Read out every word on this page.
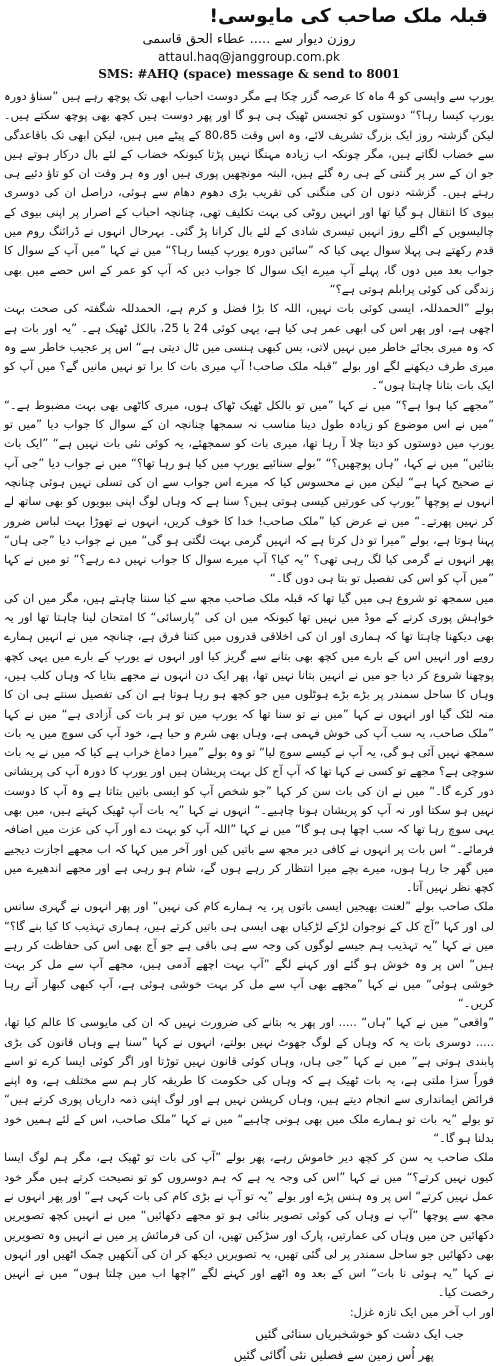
قبلہ ملک صاحب کی مایوسی!

روزن دیوار سے ..... عطاء الحق قاسمی

attaul.haq@janggroup.com.pk

SMS: #AHQ (space) message & send to 8001

یورپ سے واپسی کو 4 ماہ کا عرصہ گزر چکا ہے مگر دوست احباب ابھی تک پوچھ رہے ہیں ”سناؤ دورہ یورپ کیسا رہا؟“ دوستوں کو تجسس ٹھیک ہی ہو گا اور پھر دوست ہیں کچھ بھی پوچھ سکتے ہیں۔ لیکن گزشتہ روز ایک بزرگ تشریف لائے، وہ اس وقت 80،85 کے پیٹے میں ہیں، لیکن ابھی تک باقاعدگی سے خضاب لگاتے ہیں، مگر چونکہ اب زیادہ مہنگا نہیں پڑتا کیونکہ خضاب کے لئے بال درکار ہوتے ہیں جو ان کے سر پر گنتی کے ہی رہ گئے ہیں، البتہ مونچھیں پوری ہیں اور وہ ہر وقت ان کو تاؤ دئیے ہی رہتے ہیں۔ گزشتہ دنوں ان کی منگنی کی تقریب بڑی دھوم دھام سے ہوئی، دراصل ان کی دوسری بیوی کا انتقال ہو گیا تھا اور انہیں روٹی کی بہت تکلیف تھی، چنانچہ احباب کے اصرار پر اپنی بیوی کے چالیسویں کے اگلے روز انہیں تیسری شادی کے لئے بال کرانا پڑ گئی۔ بہرحال انہوں نے ڈرائنگ روم میں قدم رکھتے ہی پہلا سوال یہی کیا کہ ”سائیں دورہ یورپ کیسا رہا؟“ میں نے کہا ”میں آپ کے سوال کا جواب بعد میں دوں گا، پہلے آپ میرے ایک سوال کا جواب دیں کہ آپ کو عمر کے اس حصے میں بھی زندگی کی کوئی پرابلم ہوتی ہے؟“

بولے ”الحمدللہ، ایسی کوئی بات نہیں، اللہ کا بڑا فضل و کرم ہے، الحمدللہ شگفتہ کی صحت بہت اچھی ہے، اور پھر اس کی ابھی عمر ہی کیا ہے، یہی کوئی 24 یا 25، بالکل ٹھیک ہے۔ ”یہ اور بات ہے کہ وہ میری بجائے خاطر میں نہیں لاتی، بس کبھی ہنسی میں ٹال دیتی ہے“ اس پر عجیب خاطر سے وہ میری طرف دیکھنے لگے اور بولے ”قبلہ ملک صاحب! آپ میری بات کا برا تو نہیں مانیں گے؟ میں آپ کو ایک بات بتانا چاہتا ہوں“۔

”مجھے کیا ہوا ہے؟“ میں نے کہا ”میں تو بالکل ٹھیک ٹھاک ہوں، میری کاٹھی بھی بہت مضبوط ہے۔“ ”میں نے اس موضوع کو زیادہ طول دینا مناسب نہ سمجھا چنانچہ ان کے سوال کا جواب دیا ”میں تو یورپ میں دوستوں کو دیتا چلا آ رہا تھا، میری بات کو سمجھئے، یہ کوئی نئی بات نہیں ہے“ ”ایک بات بتائیں“ میں نے کہا، ”ہاں پوچھیں؟“ ”بولے سنائیے یورپ میں کیا ہو رہا تھا؟“ میں نے جواب دیا ”جی آپ نے صحیح کہا ہے“ لیکن میں نے محسوس کیا کہ میرے اس جواب سے ان کی تسلی نہیں ہوئی چنانچہ انہوں نے پوچھا ”یورپ کی عورتیں کیسی ہوتی ہیں؟ سنا ہے کہ وہاں لوگ اپنی بیویوں کو بھی ساتھ لے کر نہیں پھرتے۔“ میں نے عرض کیا ”ملک صاحب! خدا کا خوف کریں، انہوں نے تھوڑا بہت لباس ضرور پہنا ہوتا ہے، بولے ”میرا تو دل کرتا ہے کہ انہیں گرمی بہت لگتی ہو گی“ میں نے جواب دیا ”جی ہاں“ پھر انہوں نے گرمی کیا لگ رہی تھی؟ ”یہ کیا؟ آپ میرے سوال کا جواب نہیں دے رہے؟“ تو میں نے کہا ”میں آپ کو اس کی تفصیل تو بتا ہی دوں گا۔“

میں سمجھ تو شروع ہی میں گیا تھا کہ قبلہ ملک صاحب مجھ سے کیا سننا چاہتے ہیں، مگر میں ان کی خواہش پوری کرنے کے موڈ میں نہیں تھا کیونکہ میں ان کی ”پارسائی“ کا امتحان لینا چاہتا تھا اور یہ بھی دیکھنا چاہتا تھا کہ ہماری اور ان کی اخلاقی قدروں میں کتنا فرق ہے، چنانچہ میں نے انہیں ہمارے رویے اور انہیں اس کے بارے میں کچھ بھی بتانے سے گریز کیا اور انہوں نے یورپ کے بارے میں یہی کچھ پوچھنا شروع کر دیا جو میں نے انہیں بتانا نہیں تھا، پھر ایک دن انہوں نے مجھے بتایا کہ وہاں کلب ہیں، وہاں کا ساحل سمندر پر بڑے بڑے ہوٹلوں میں جو کچھ ہو رہا ہوتا ہے ان کی تفصیل سنتے ہی ان کا منہ لٹک گیا اور انہوں نے کہا ”میں نے تو سنا تھا کہ یورپ میں تو ہر بات کی آزادی ہے“ میں نے کہا ”ملک صاحب، یہ سب آپ کی خوش فہمی ہے، وہاں بھی شرم و حیا ہے، خود آپ کی سوچ میں یہ بات سمجھ نہیں آئی ہو گی، یہ آپ نے کیسے سوچ لیا“ تو وہ بولے ”میرا دماغ خراب ہے کیا کہ میں نے یہ بات سوچی ہے؟ مجھے تو کسی نے کہا تھا کہ آپ آج کل بہت پریشان ہیں اور یورپ کا دورہ آپ کی پریشانی دور کرے گا۔“ میں نے ان کی بات سن کر کہا ”جو شخص آپ کو ایسی باتیں بتاتا ہے وہ آپ کا دوست نہیں ہو سکتا اور نہ آپ کو پریشان ہونا چاہیے۔“ انہوں نے کہا ”یہ بات آپ ٹھیک کہتے ہیں، میں بھی یہی سوچ رہا تھا کہ سب اچھا ہی ہو گا“ میں نے کہا ”اللہ آپ کو بہت دے اور آپ کی عزت میں اضافہ فرمائے۔“ اس بات پر انہوں نے کافی دیر مجھ سے باتیں کیں اور آخر میں کہا کہ اب مجھے اجازت دیجیے میں گھر جا رہا ہوں، میرے بچے میرا انتظار کر رہے ہوں گے، شام ہو رہی ہے اور مجھے اندھیرے میں کچھ نظر نہیں آتا۔

ملک صاحب بولے ”لعنت بھیجیں ایسی باتوں پر، یہ ہمارے کام کی نہیں“ اور پھر انہوں نے گہری سانس لی اور کہا ”آج کل کے نوجوان لڑکے لڑکیاں بھی ایسی ہی باتیں کرتے ہیں، ہماری تہذیب کا کیا بنے گا؟“ میں نے کہا ”یہ تہذیب ہم جیسے لوگوں کی وجہ سے ہی باقی ہے جو آج بھی اس کی حفاظت کر رہے ہیں“ اس پر وہ خوش ہو گئے اور کہنے لگے ”آپ بہت اچھے آدمی ہیں، مجھے آپ سے مل کر بہت خوشی ہوئی“ میں نے کہا ”مجھے بھی آپ سے مل کر بہت خوشی ہوئی ہے، آپ کبھی کبھار آتے رہا کریں۔“

”واقعی“ میں نے کہا ”ہاں“ ..... اور پھر یہ بتانے کی ضرورت نہیں کہ ان کی مایوسی کا عالم کیا تھا، ..... دوسری بات یہ کہ وہاں کے لوگ جھوٹ نہیں بولتے، انہوں نے کہا ”سنا ہے وہاں قانون کی بڑی پابندی ہوتی ہے“ میں نے کہا ”جی ہاں، وہاں کوئی قانون نہیں توڑتا اور اگر کوئی ایسا کرے تو اسے فوراً سزا ملتی ہے، یہ بات ٹھیک ہے کہ وہاں کی حکومت کا طریقہ کار ہم سے مختلف ہے، وہ اپنے فرائض ایمانداری سے انجام دیتے ہیں، وہاں کرپشن نہیں ہے اور لوگ اپنی ذمہ داریاں پوری کرتے ہیں“ تو بولے ”یہ بات تو ہمارے ملک میں بھی ہونی چاہیے“ میں نے کہا ”ملک صاحب، اس کے لئے ہمیں خود بدلنا ہو گا۔“

ملک صاحب یہ سن کر کچھ دیر خاموش رہے، پھر بولے ”آپ کی بات تو ٹھیک ہے، مگر ہم لوگ ایسا کیوں نہیں کرتے؟“ میں نے کہا ”اس کی وجہ یہ ہے کہ ہم دوسروں کو تو نصیحت کرتے ہیں مگر خود عمل نہیں کرتے“ اس پر وہ ہنس پڑے اور بولے ”یہ تو آپ نے بڑی کام کی بات کہی ہے“ اور پھر انہوں نے مجھ سے پوچھا ”آپ نے وہاں کی کوئی تصویر بنائی ہو تو مجھے دکھائیں“ میں نے انہیں کچھ تصویریں دکھائیں جن میں وہاں کی عمارتیں، پارک اور سڑکیں تھیں، ان کی فرمائش پر میں نے انہیں وہ تصویریں بھی دکھائیں جو ساحل سمندر پر لی گئی تھیں، یہ تصویریں دیکھ کر ان کی آنکھیں چمک اٹھیں اور انہوں نے کہا ”یہ ہوئی نا بات“ اس کے بعد وہ اٹھے اور کہنے لگے ”اچھا اب میں چلتا ہوں“ میں نے انہیں رخصت کیا۔

اور اب آخر میں ایک تازہ غزل:

جب ایک دشت کو خوشخبریاں سنائی گئیں
پھر اُس زمین سے فصلیں نئی اُگائی گئیں
